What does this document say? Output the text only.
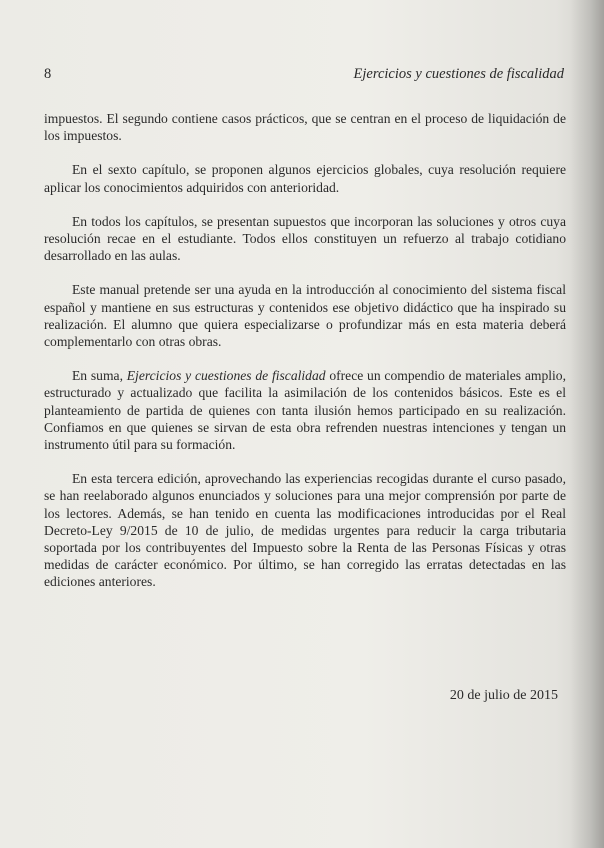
8	Ejercicios y cuestiones de fiscalidad

impuestos. El segundo contiene casos prácticos, que se centran en el proceso de liquidación de los impuestos.

En el sexto capítulo, se proponen algunos ejercicios globales, cuya resolución requiere aplicar los conocimientos adquiridos con anterioridad.

En todos los capítulos, se presentan supuestos que incorporan las soluciones y otros cuya resolución recae en el estudiante. Todos ellos constituyen un refuerzo al trabajo cotidiano desarrollado en las aulas.

Este manual pretende ser una ayuda en la introducción al conocimiento del sistema fiscal español y mantiene en sus estructuras y contenidos ese objetivo didáctico que ha inspirado su realización. El alumno que quiera especializarse o profundizar más en esta materia deberá complementarlo con otras obras.

En suma, Ejercicios y cuestiones de fiscalidad ofrece un compendio de materiales amplio, estructurado y actualizado que facilita la asimilación de los contenidos básicos. Este es el planteamiento de partida de quienes con tanta ilusión hemos participado en su realización. Confiamos en que quienes se sirvan de esta obra refrenden nuestras intenciones y tengan un instrumento útil para su formación.

En esta tercera edición, aprovechando las experiencias recogidas durante el curso pasado, se han reelaborado algunos enunciados y soluciones para una mejor comprensión por parte de los lectores. Además, se han tenido en cuenta las modificaciones introducidas por el Real Decreto-Ley 9/2015 de 10 de julio, de medidas urgentes para reducir la carga tributaria soportada por los contribuyentes del Impuesto sobre la Renta de las Personas Físicas y otras medidas de carácter económico. Por último, se han corregido las erratas detectadas en las ediciones anteriores.

20 de julio de 2015
